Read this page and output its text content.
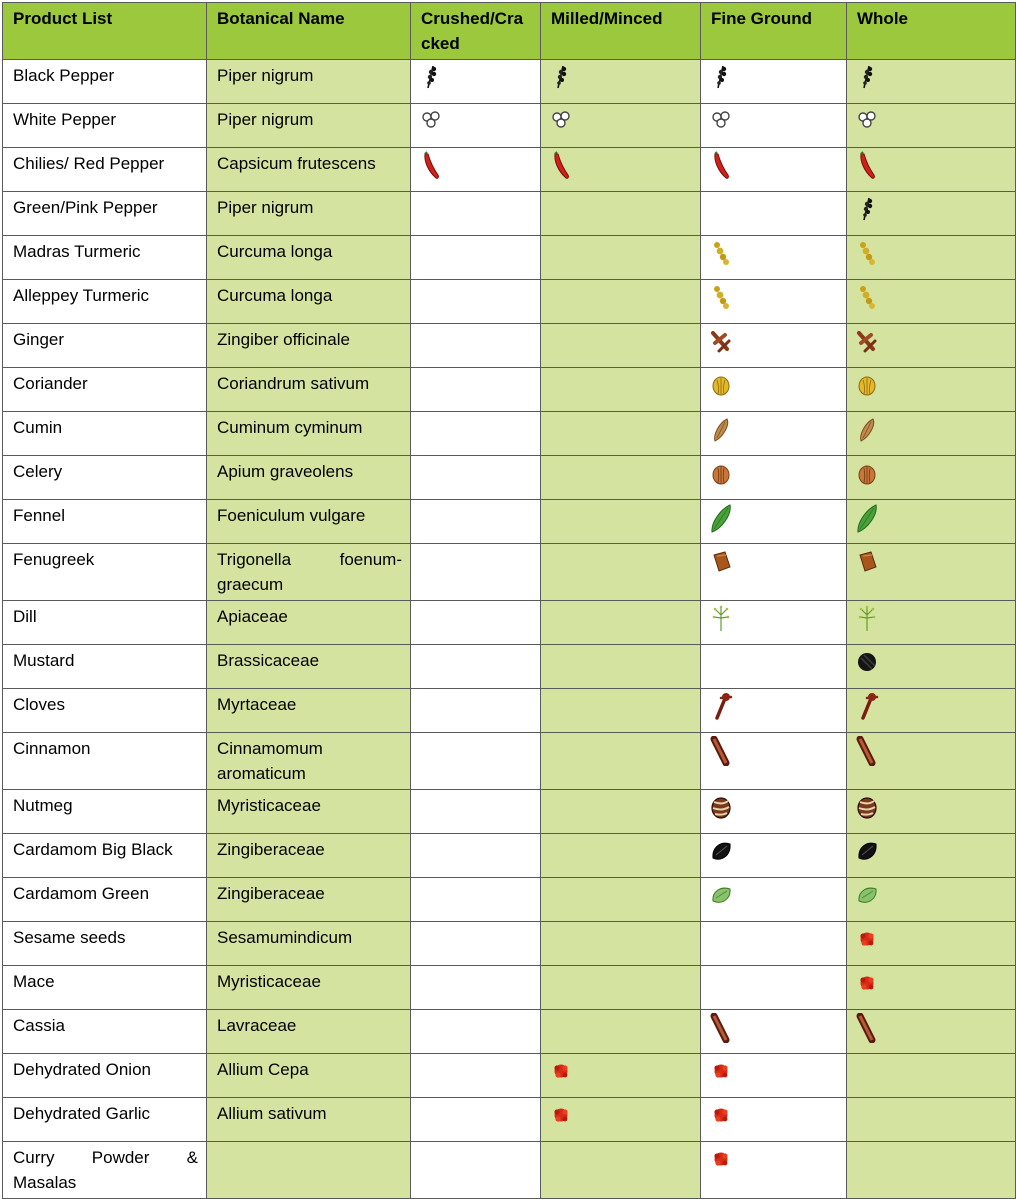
Product List	Botanical Name	Crushed/Cracked	Milled/Minced	Fine Ground	Whole
Black Pepper	Piper nigrum	

White Pepper	Piper nigrum	

Chilies/ Red Pepper	Capsicum frutescens	

Green/Pink Pepper	Piper nigrum				

Madras Turmeric	Curcuma longa			

Alleppey Turmeric	Curcuma longa			

Ginger	Zingiber officinale			

Coriander	Coriandrum sativum			

Cumin	Cuminum cyminum			

Celery	Apium graveolens			

Fennel	Foeniculum vulgare			

Fenugreek	Trigonella foenum-graecum			

Dill	Apiaceae			

Mustard	Brassicaceae				

Cloves	Myrtaceae			

Cinnamon	Cinnamomum aromaticum			

Nutmeg	Myristicaceae			

Cardamom Big Black	Zingiberaceae			

Cardamom Green	Zingiberaceae			

Sesame seeds	Sesamumindicum				

Mace	Myristicaceae				

Cassia	Lavraceae			

Dehydrated Onion	Allium Cepa		

Dehydrated Garlic	Allium sativum		

Curry Powder & Masalas				
